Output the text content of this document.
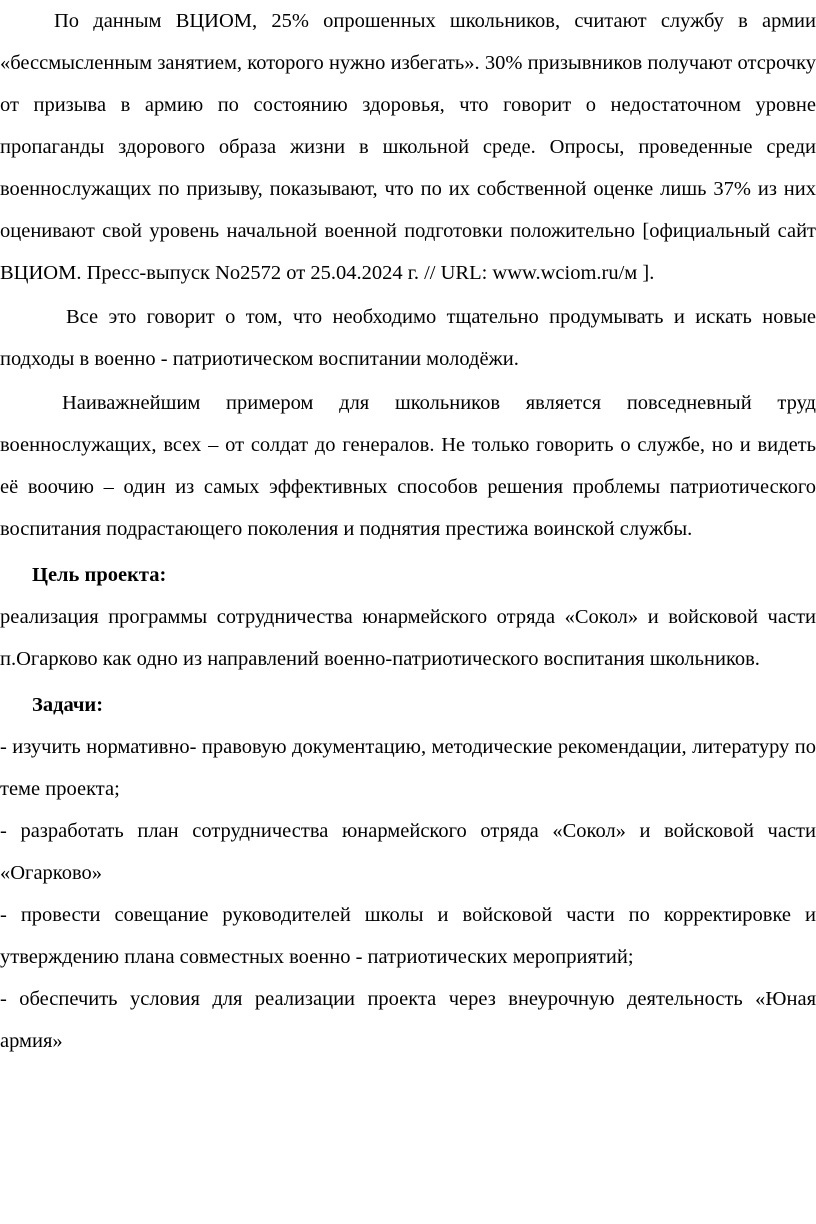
По данным ВЦИОМ, 25% опрошенных школьников, считают службу в армии «бессмысленным занятием, которого нужно избегать». 30% призывников получают отсрочку от призыва в армию по состоянию здоровья, что говорит о недостаточном уровне пропаганды здорового образа жизни в школьной среде. Опросы, проведенные среди военнослужащих по призыву, показывают, что по их собственной оценке лишь 37% из них оценивают свой уровень начальной военной подготовки положительно [официальный сайт ВЦИОМ. Пресс-выпуск No2572 от 25.04.2024 г. // URL: www.wciom.ru/м ].

Все это говорит о том, что необходимо тщательно продумывать и искать новые подходы в военно - патриотическом воспитании молодёжи.

Наиважнейшим примером для школьников является повседневный труд военнослужащих, всех – от солдат до генералов. Не только говорить о службе, но и видеть её воочию – один из самых эффективных способов решения проблемы патриотического воспитания подрастающего поколения и поднятия престижа воинской службы.

Цель проекта:

реализация программы сотрудничества юнармейского отряда «Сокол» и войсковой части п.Огарково как одно из направлений военно-патриотического воспитания школьников.

Задачи:

- изучить нормативно- правовую документацию, методические рекомендации, литературу по теме проекта;

- разработать план сотрудничества юнармейского отряда «Сокол» и войсковой части «Огарково»

- провести совещание руководителей школы и войсковой части по корректировке и утверждению плана совместных военно - патриотических мероприятий;

- обеспечить условия для реализации проекта через внеурочную деятельность «Юная армия»
